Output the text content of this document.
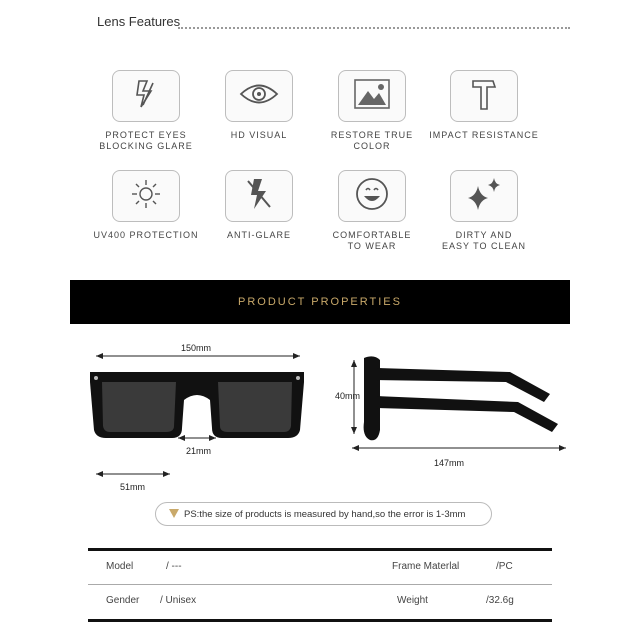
Lens Features
PROTECT EYES
BLOCKING GLARE
HD VISUAL	RESTORE TRUE COLOR
IMPACT RESISTANCE
UV400 PROTECTION	ANTI-GLARE	COMFORTABLE
TO WEAR
DIRTY AND
EASY TO CLEAN
PRODUCT PROPERTIES
150mm
21mm
51mm
40mm
147mm
PS:the size of products is measured by hand,so the error is 1-3mm
Model	/ ---	Frame Materlal	/PC
Gender / Unisex	Weight	/32.6g
